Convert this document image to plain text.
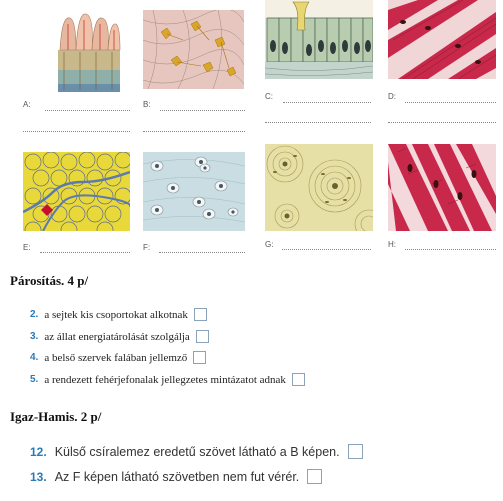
A:	B:
C:	D:
E:	F:	G:	H:
Párosítás. 4 p/
2. a sejtek kis csoportokat alkotnak
3. az állat energiatárolását szolgálja
4. a belső szervek falában jellemző
5. a rendezett fehérjefonalak jellegzetes mintázatot adnak
Igaz-Hamis. 2 p/
12. Külső csíralemez eredetű szövet látható a B képen.
13. Az F képen látható szövetben nem fut vérér.
